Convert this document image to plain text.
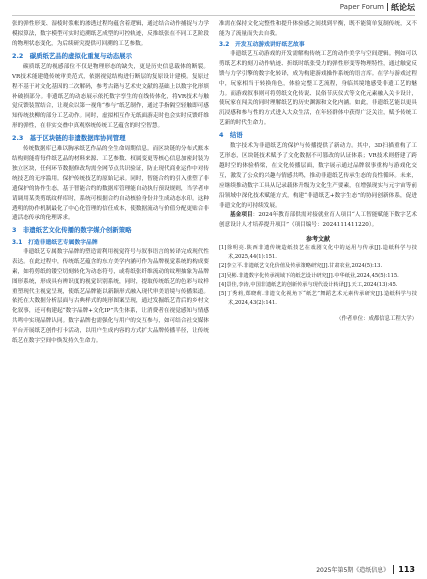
Paper Forum 纸论坛

张的弹性形变、湿棱时浆帐的渗透过程均蕴含着逻辑，通过结合动作捕捉与力学模拟算法，数字模型可实时追溯纸艺成型的可控轨迹，反推纸张在不同工艺阶段的物理状态变化，为后续研究提供可回溯的工艺参数。

2.2　碳质纸艺品的虚拟化重复与动态展示

碳质纸艺的视感部位不仅是物理形态的缺失，更是历史信息载体的断裂。VR技术能建缝传统审美范式，依据视觉结构进行断层的复原设计建模。复原过程不基于对文化基因的二次解码，参考古籍与艺术史文献的基础上以数字化形填补破损部分。非遗纸艺的动态展示依托数字孪生的在线传体化，将VR技术与触觉反馈装置结合，让观众以第一视角“参与”纸艺制作，通过手指隔空轻触即可感知传统扶柳的部分工艺动作。同时，虚拟相互作无纸面游走时也会实时反馈纤维形的弹性，在非实交叠中真观察统传统工艺蕴含的时空智慧。

2.3　基于区块链的非遗数据库协同管理

传统数据库已难以胸承纸艺作品的全生命周期信息。而区块链的分布式账本结构则能将每件纸艺品的材料来源、工艺参数、权属变更等核心信息加密封装为独立区块，任何环节数据修改均需全网节点共识验证，防止现代商业运作中对传统技艺的无序滥用。保护传统技艺的原始记录。同时，智能合约的引入重塑了非遗保护的协作生态，基于智能合约的数据库管理能自动执行预设规则，当学者申请调用某类剪纸纹样库时，系统可根据合约自动核验身份并生成动态水印。这种透明的协作机制最化了中心化管理的信任成本，使数据流动与价值分配更贴合非遗活态传承的伦理诉求。

3　非遗纸艺文化传播的数字媒介创新策略
3.1　打造非遗纸艺专属数字品牌

非遗纸艺专属数字品牌的塑造需利用视觉符号与叙事语言的转译完成现代性表达。在此过程中，传统纸艺蕴含的东方美学内涵可作为品牌视觉系统的构成要素，如将剪纸的镂空切刻转化为动态符号，或将纸张纤维流动的纹理抽象为品牌图形系统，形成具有辨识度的视觉识别系统，同时，提取传统纸艺的色彩与纹样重塑现代主视觉呈现，使纸艺品牌能以新颖形式融入现代审美语境与传播渠道。依托在大数据分析层面与古典样式的纯形图案呈现，通过发掘纸艺背后的乡村文化叙事，还可构建起“数字品牌+文化IP”共生体系，让消费者在视觉感知与情感共鸣中实现品牌认同。数字品牌也需强化与用户的交互参与，如可结合社交媒体平台开展纸艺创作打卡活动，以用户生成内容的方式扩大品牌传播半径，让传统纸艺在数字空间中焕发持久生命力。

准需在保持文化完整性和提升体验感之间找到平衡，既不能简单复制传统，又不能为了流量而失去自我。

3.2　开发互动游戏讲好纸艺故事

非遗纸艺互动游戏的开发需解构传统工艺的动作美学与空间逻辑。例如可以剪纸艺术的刻刀动作轨迹、折纸时纸张受力的弹性形变等物理特性，通过触觉反馈与力学引擎的数字化转译，成为构建游戏操作系统的语言库。在学与游戏过程中，玩家相当于转换角色，体验完整工艺流程，身临其境地感受非遗工艺的魅力。而游戏叙事则可将剪纸文化传说、民俗节庆仪式等文化元素融入关卡设计，使玩家在闯关的同时理解纸艺的历史渊源和文化内涵。如此，非遗纸艺能以更具沉浸感和参与性的方式进入大众生活，在年轻群体中获得广泛关注，赋予传统工艺新的时代生命力。

4　结语

数字技术为非遗纸艺的保护与传播提供了新动力。其中，3D扫描重构了工艺形态，区块链技术赋予了文化数据不可篡改的认证体系；VR技术则搭建了跨越时空的体验桥梁，在文化传播层面，数字展示通过品牌叙事重构与游戏化交互，激发了公众的兴趣与情感共鸣，推动非遗纸艺传承生态的良性循环。未来，应继续推动数字工具从记录载体升级为文化生产要素，在增强现实与元宇宙等前沿领域中深化技术赋能方式，构建“非遗纸艺+数字生态”的协同创新体系，促进非遗文化的可持续发展。

基金项目：2024年教育部供需对接就业育人项目“人工智能赋能下数字艺术创意设计人才培养提升项目”（项目编号：2024111411220）。

参考文献
[1]徐明亮.陕西非遗传统造纸技艺在戏剧文化中的运用与传承[J].造纸科学与技术,2025,44(1):151.
[2]李立平.非遗纸艺文化价值及传承策略研究[J].甘肃农业,2024(5):13.
[3]吴彬.非遗数字化传承视域下的纸艺设计研究[J].中华纸业,2024,45(5):115.
[4]景佳,李涛,中国非遗纸艺的创新传承与现代设计转译[J].天工,2024(13):45.
[5]丁秀莉,郑晓莉.非遗文化视角下“纸艺”舞蹈艺术元素传承研究[J].造纸科学与技术,2024,43(2):141.
（作者单位：成都信息工程大学）
2025年第5期《造纸信息》 113
